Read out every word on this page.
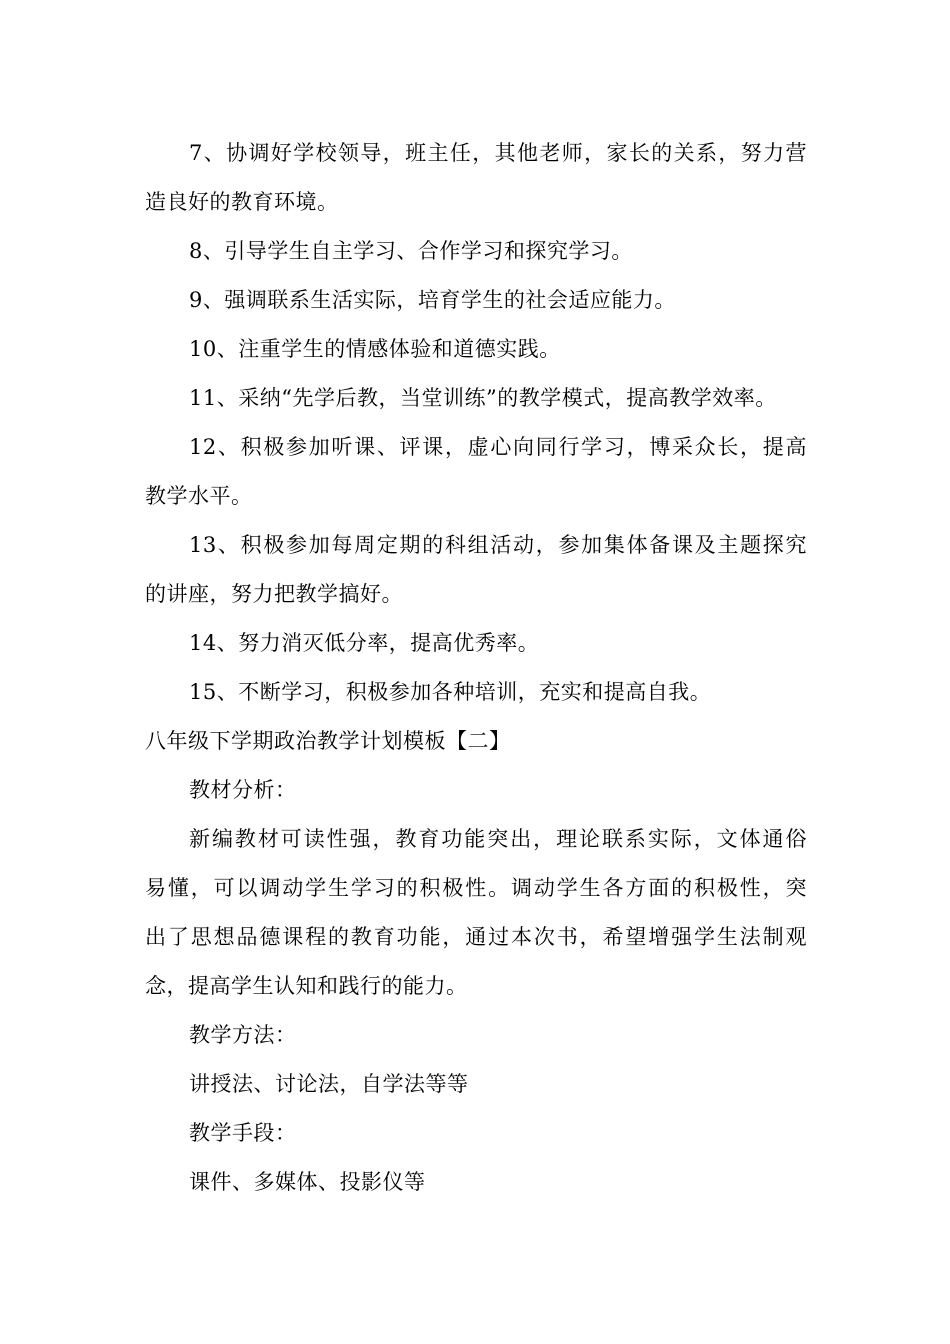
7、协调好学校领导，班主任，其他老师，家长的关系，努力营
造良好的教育环境。
8、引导学生自主学习、合作学习和探究学习。
9、强调联系生活实际，培育学生的社会适应能力。
10、注重学生的情感体验和道德实践。
11、采纳“先学后教，当堂训练”的教学模式，提高教学效率。
12、积极参加听课、评课，虚心向同行学习，博采众长，提高
教学水平。
13、积极参加每周定期的科组活动，参加集体备课及主题探究
的讲座，努力把教学搞好。
14、努力消灭低分率，提高优秀率。
15、不断学习，积极参加各种培训，充实和提高自我。
八年级下学期政治教学计划模板【二】
教材分析：
新编教材可读性强，教育功能突出，理论联系实际，文体通俗
易懂，可以调动学生学习的积极性。调动学生各方面的积极性，突
出了思想品德课程的教育功能，通过本次书，希望增强学生法制观
念，提高学生认知和践行的能力。
教学方法：
讲授法、讨论法，自学法等等
教学手段：
课件、多媒体、投影仪等
